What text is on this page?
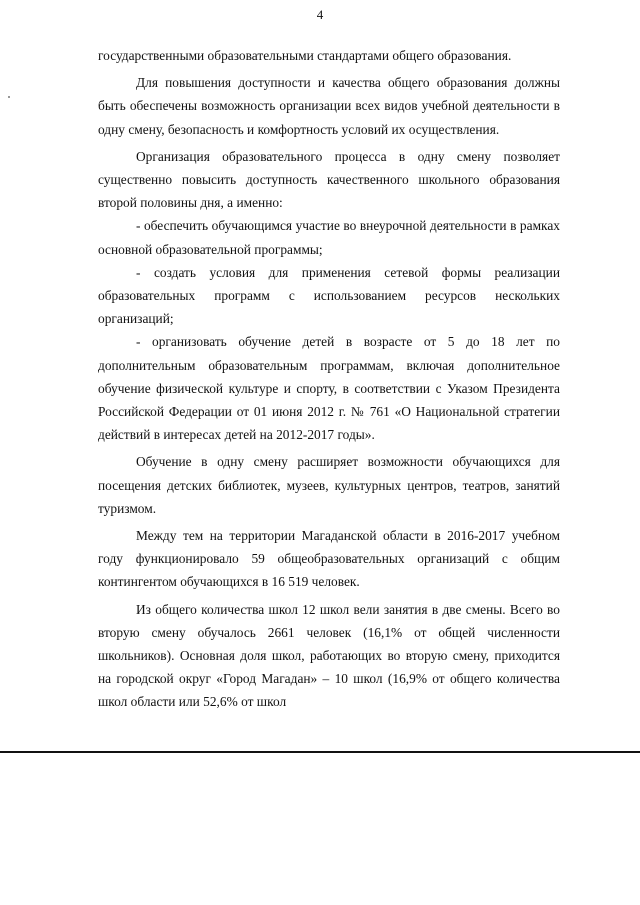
4

государственными образовательными стандартами общего образования.

Для повышения доступности и качества общего образования должны быть обеспечены возможность организации всех видов учебной деятельности в одну смену, безопасность и комфортность условий их осуществления.

Организация образовательного процесса в одну смену позволяет существенно повысить доступность качественного школьного образования второй половины дня, а именно:

- обеспечить обучающимся участие во внеурочной деятельности в рамках основной образовательной программы;

- создать условия для применения сетевой формы реализации образовательных программ с использованием ресурсов нескольких организаций;

- организовать обучение детей в возрасте от 5 до 18 лет по дополнительным образовательным программам, включая дополнительное обучение физической культуре и спорту, в соответствии с Указом Президента Российской Федерации от 01 июня 2012 г. № 761 «О Национальной стратегии действий в интересах детей на 2012-2017 годы».

Обучение в одну смену расширяет возможности обучающихся для посещения детских библиотек, музеев, культурных центров, театров, занятий туризмом.

Между тем на территории Магаданской области в 2016-2017 учебном году функционировало 59 общеобразовательных организаций с общим контингентом обучающихся в 16 519 человек.

Из общего количества школ 12 школ вели занятия в две смены. Всего во вторую смену обучалось 2661 человек (16,1% от общей численности школьников). Основная доля школ, работающих во вторую смену, приходится на городской округ «Город Магадан» – 10 школ (16,9% от общего количества школ области или 52,6% от школ
